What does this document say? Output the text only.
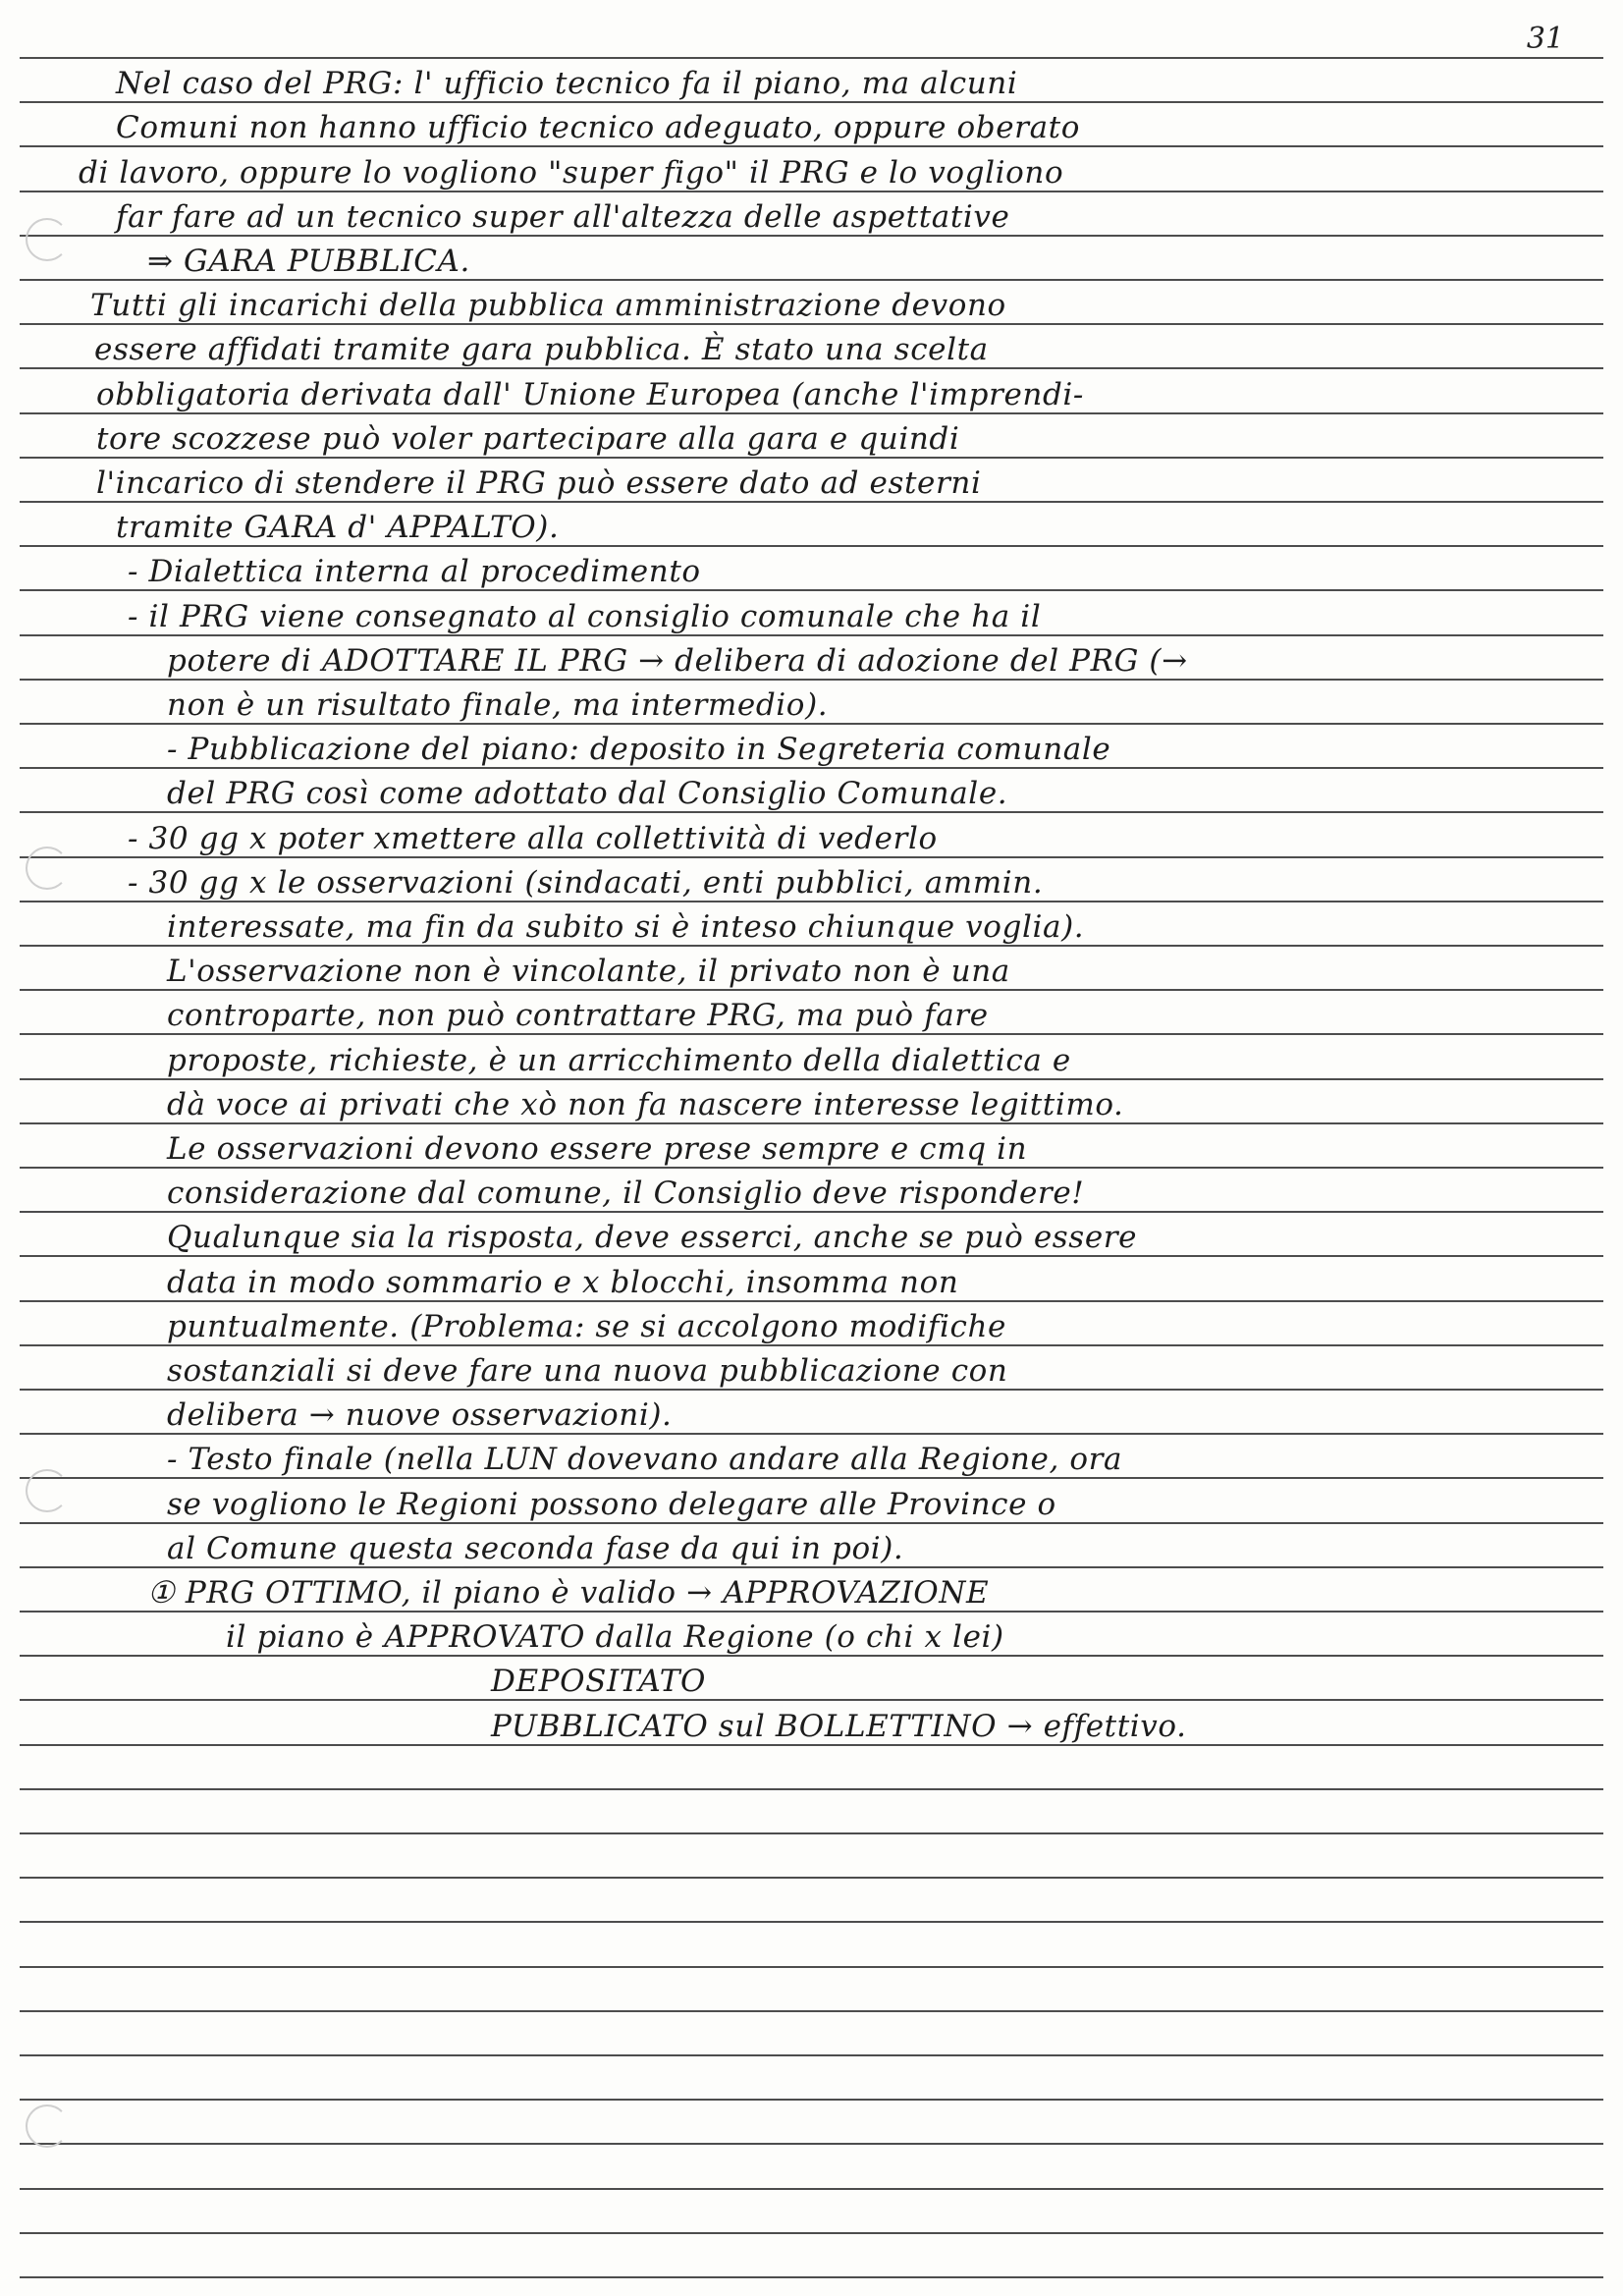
31
Nel caso del PRG: l' ufficio tecnico fa il piano, ma alcuni
Comuni non hanno ufficio tecnico adeguato, oppure oberato
di lavoro, oppure lo vogliono "super figo" il PRG e lo vogliono
far fare ad un tecnico super all'altezza delle aspettative
⇒ GARA PUBBLICA.
Tutti gli incarichi della pubblica amministrazione devono
essere affidati tramite gara pubblica. È stato una scelta
obbligatoria derivata dall' Unione Europea (anche l'imprendi-
tore scozzese può voler partecipare alla gara e quindi
l'incarico di stendere il PRG può essere dato ad esterni
tramite GARA d' APPALTO).
- Dialettica interna al procedimento
- il PRG viene consegnato al consiglio comunale che ha il
potere di ADOTTARE IL PRG → delibera di adozione del PRG (→
non è un risultato finale, ma intermedio).
- Pubblicazione del piano: deposito in Segreteria comunale
del PRG così come adottato dal Consiglio Comunale.
- 30 gg x poter xmettere alla collettività di vederlo
- 30 gg x le osservazioni (sindacati, enti pubblici, ammin.
interessate, ma fin da subito si è inteso chiunque voglia).
L'osservazione non è vincolante, il privato non è una
controparte, non può contrattare PRG, ma può fare
proposte, richieste, è un arricchimento della dialettica e
dà voce ai privati che xò non fa nascere interesse legittimo.
Le osservazioni devono essere prese sempre e cmq in
considerazione dal comune, il Consiglio deve rispondere!
Qualunque sia la risposta, deve esserci, anche se può essere
data in modo sommario e x blocchi, insomma non
puntualmente. (Problema: se si accolgono modifiche
sostanziali si deve fare una nuova pubblicazione con
delibera → nuove osservazioni).
- Testo finale (nella LUN dovevano andare alla Regione, ora
se vogliono le Regioni possono delegare alle Province o
al Comune questa seconda fase da qui in poi).
① PRG OTTIMO, il piano è valido → APPROVAZIONE
il piano è APPROVATO dalla Regione (o chi x lei)
DEPOSITATO
PUBBLICATO sul BOLLETTINO → effettivo.
